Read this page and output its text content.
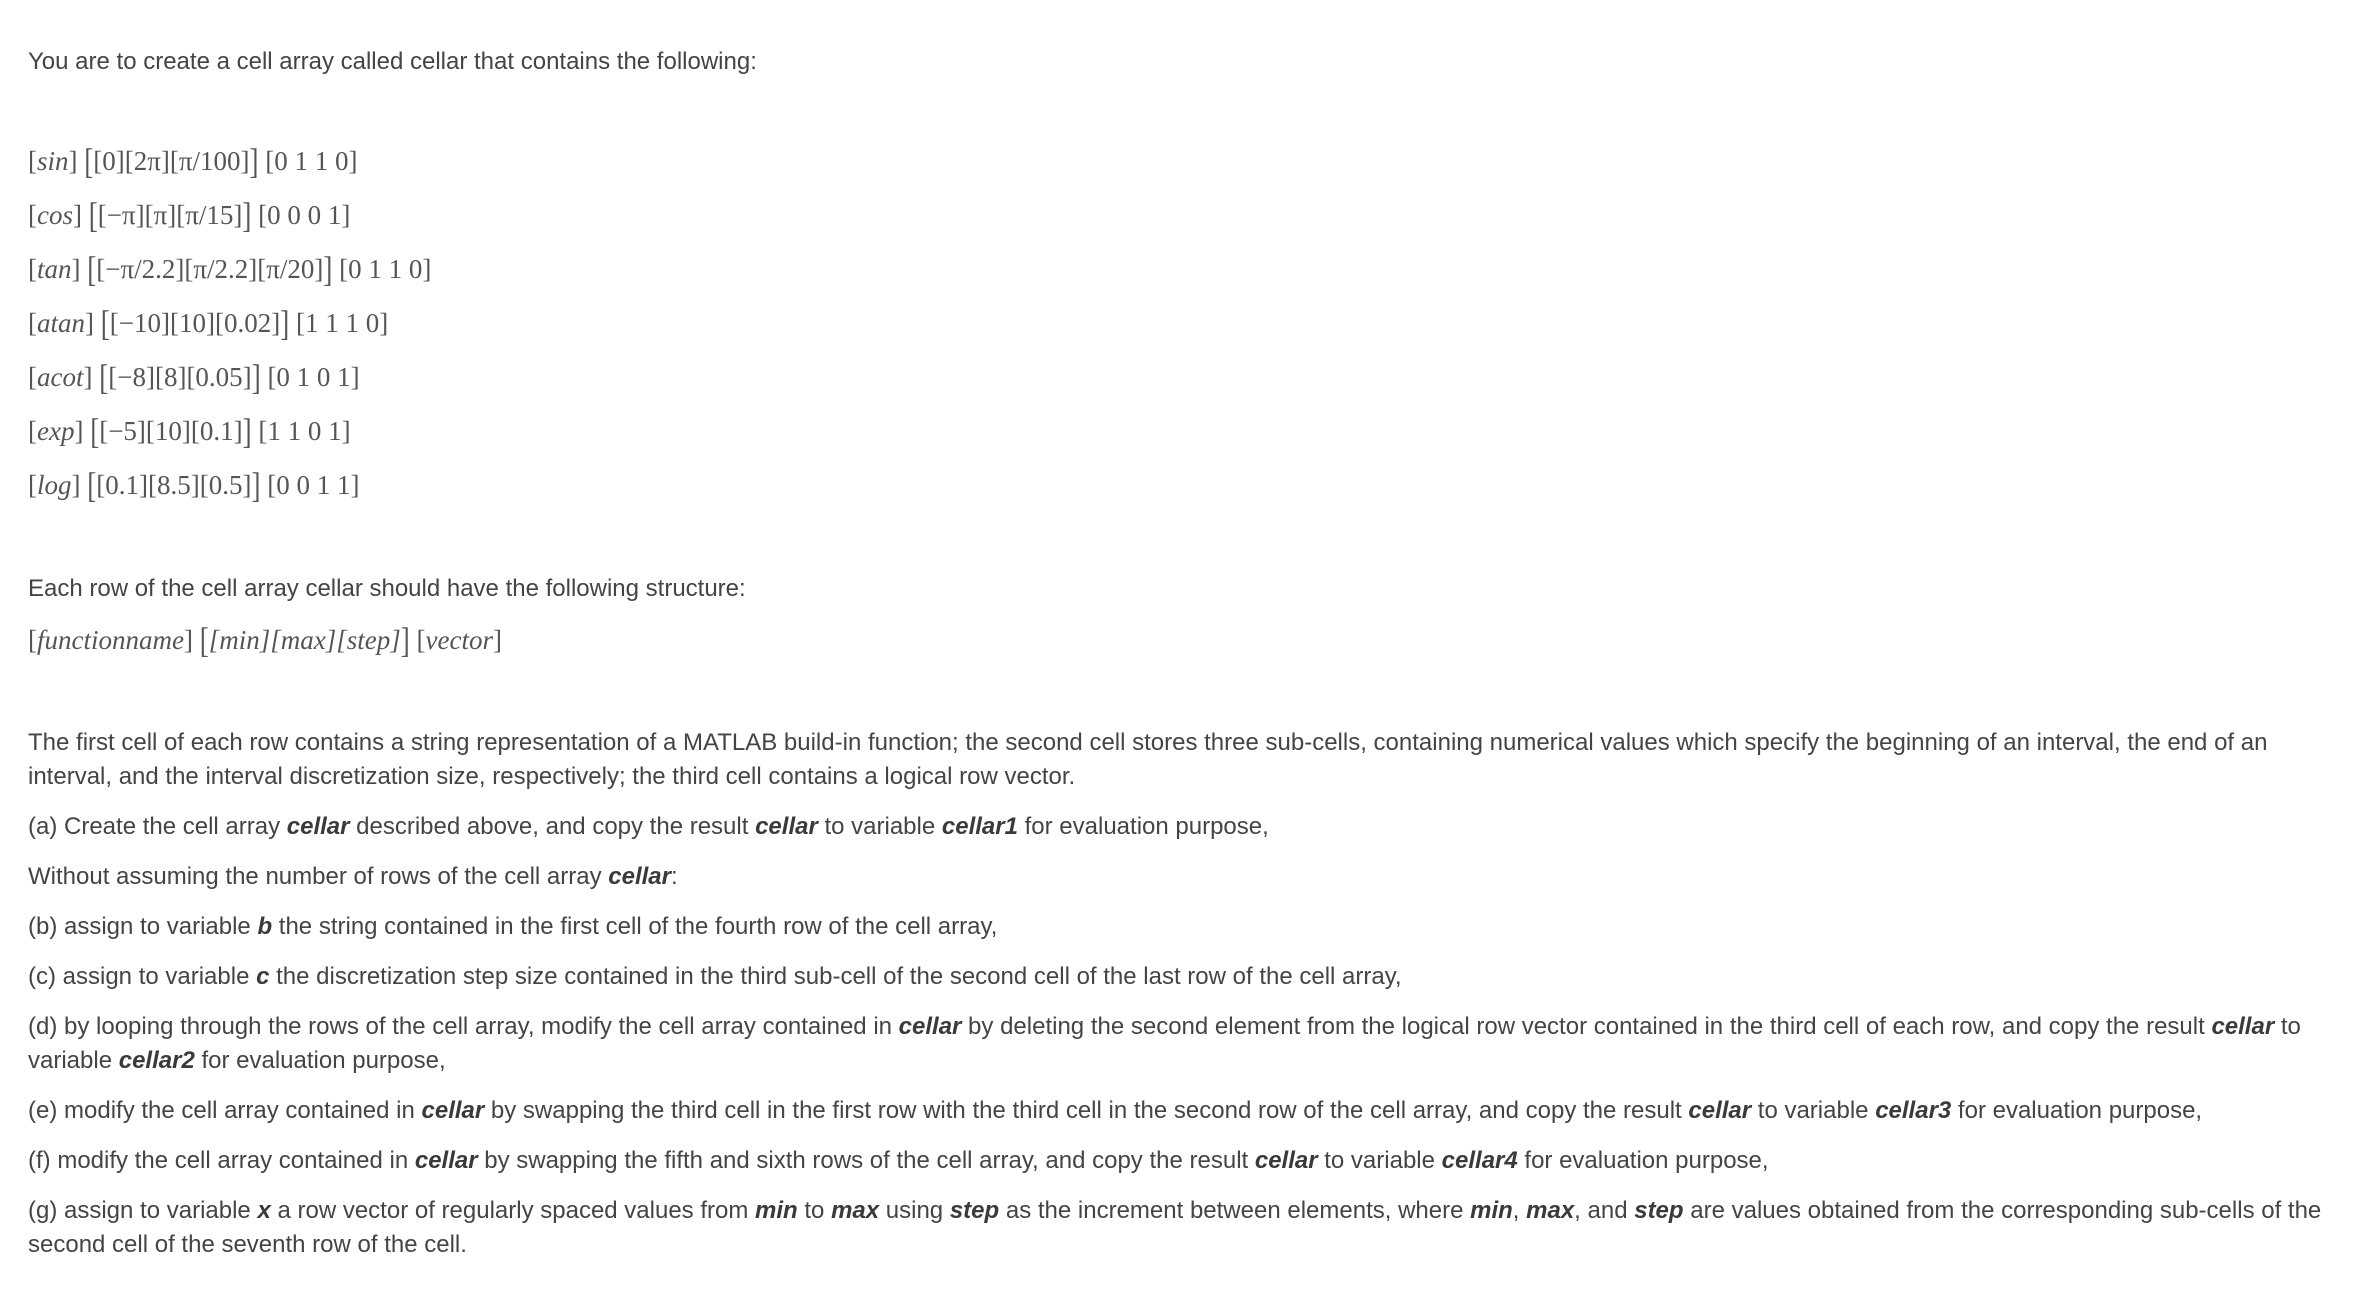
You are to create a cell array called cellar that contains the following:
[sin] [[0][2π][π/100]] [0 1 1 0]
[cos] [[−π][π][π/15]] [0 0 0 1]
[tan] [[−π/2.2][π/2.2][π/20]] [0 1 1 0]
[atan] [[−10][10][0.02]] [1 1 1 0]
[acot] [[−8][8][0.05]] [0 1 0 1]
[exp] [[−5][10][0.1]] [1 1 0 1]
[log] [[0.1][8.5][0.5]] [0 0 1 1]
Each row of the cell array cellar should have the following structure:
[functionname] [[min][max][step]] [vector]
The first cell of each row contains a string representation of a MATLAB build-in function; the second cell stores three sub-cells, containing numerical values which specify the beginning of an interval, the end of an interval, and the interval discretization size, respectively; the third cell contains a logical row vector.
(a) Create the cell array cellar described above, and copy the result cellar to variable cellar1 for evaluation purpose,
Without assuming the number of rows of the cell array cellar:
(b) assign to variable b the string contained in the first cell of the fourth row of the cell array,
(c) assign to variable c the discretization step size contained in the third sub-cell of the second cell of the last row of the cell array,
(d) by looping through the rows of the cell array, modify the cell array contained in cellar by deleting the second element from the logical row vector contained in the third cell of each row, and copy the result cellar to variable cellar2 for evaluation purpose,
(e) modify the cell array contained in cellar by swapping the third cell in the first row with the third cell in the second row of the cell array, and copy the result cellar to variable cellar3 for evaluation purpose,
(f) modify the cell array contained in cellar by swapping the fifth and sixth rows of the cell array, and copy the result cellar to variable cellar4 for evaluation purpose,
(g) assign to variable x a row vector of regularly spaced values from min to max using step as the increment between elements, where min, max, and step are values obtained from the corresponding sub-cells of the second cell of the seventh row of the cell.
